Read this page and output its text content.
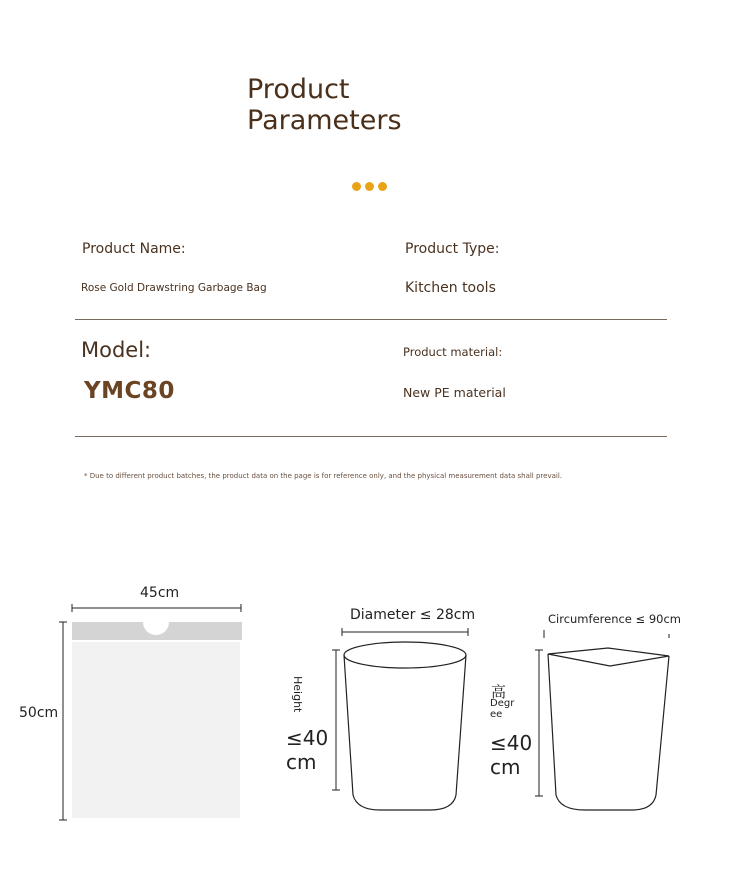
Product
Parameters
Product Name:
Rose Gold Drawstring Garbage Bag
Product Type:
Kitchen tools
Model:
YMC80
Product material:
New PE material
* Due to different product batches, the product data on the page is for reference only, and the physical measurement data shall prevail.
45cm
50cm
Diameter ≤ 28cm
Height
≤40
cm
Circumference ≤ 90cm
高
Degr
ee
≤40
cm
